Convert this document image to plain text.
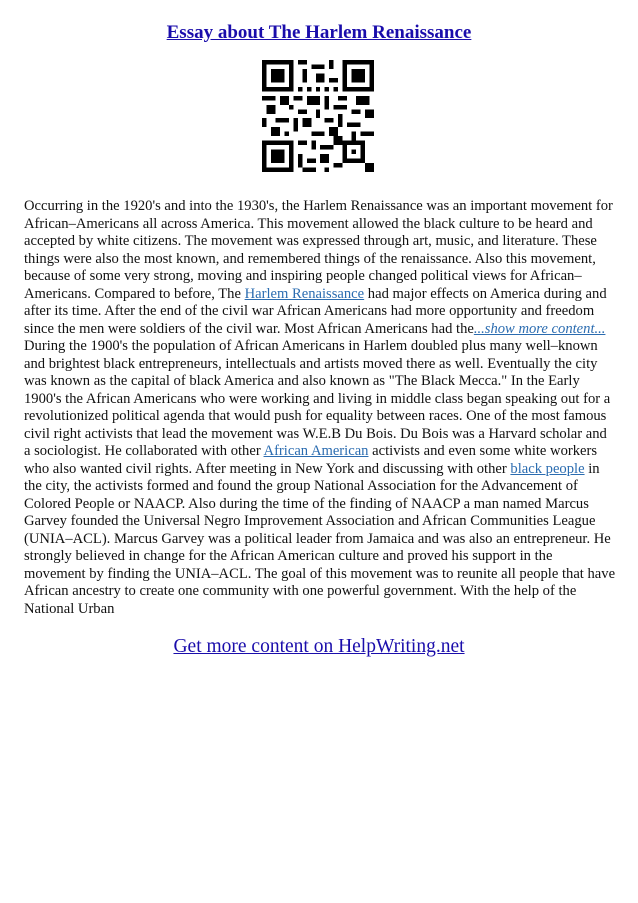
Essay about The Harlem Renaissance

Occurring in the 1920's and into the 1930's, the Harlem Renaissance was an important movement for African–Americans all across America. This movement allowed the black culture to be heard and accepted by white citizens. The movement was expressed through art, music, and literature. These things were also the most known, and remembered things of the renaissance. Also this movement, because of some very strong, moving and inspiring people changed political views for African–Americans. Compared to before, The Harlem Renaissance had major effects on America during and after its time. After the end of the civil war African Americans had more opportunity and freedom since the men were soldiers of the civil war. Most African Americans had the...show more content...

During the 1900's the population of African Americans in Harlem doubled plus many well–known and brightest black entrepreneurs, intellectuals and artists moved there as well. Eventually the city was known as the capital of black America and also known as "The Black Mecca." In the Early 1900's the African Americans who were working and living in middle class began speaking out for a revolutionized political agenda that would push for equality between races. One of the most famous civil right activists that lead the movement was W.E.B Du Bois. Du Bois was a Harvard scholar and a sociologist. He collaborated with other African American activists and even some white workers who also wanted civil rights. After meeting in New York and discussing with other black people in the city, the activists formed and found the group National Association for the Advancement of Colored People or NAACP. Also during the time of the finding of NAACP a man named Marcus Garvey founded the Universal Negro Improvement Association and African Communities League (UNIA–ACL). Marcus Garvey was a political leader from Jamaica and was also an entrepreneur. He strongly believed in change for the African American culture and proved his support in the movement by finding the UNIA–ACL. The goal of this movement was to reunite all people that have African ancestry to create one community with one powerful government. With the help of the National Urban

Get more content on HelpWriting.net
